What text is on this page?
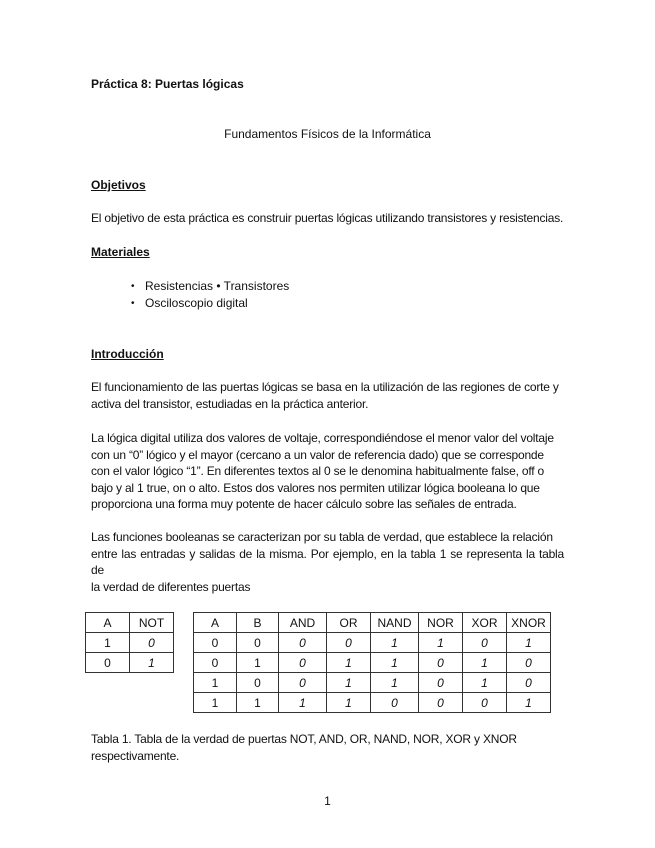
Práctica 8: Puertas lógicas
Fundamentos Físicos de la Informática
Objetivos
El objetivo de esta práctica es construir puertas lógicas utilizando transistores y resistencias.
Materiales
• Resistencias • Transistores
• Osciloscopio digital
Introducción
El funcionamiento de las puertas lógicas se basa en la utilización de las regiones de corte y
activa del transistor, estudiadas en la práctica anterior.
La lógica digital utiliza dos valores de voltaje, correspondiéndose el menor valor del voltaje
con un “0” lógico y el mayor (cercano a un valor de referencia dado) que se corresponde
con el valor lógico “1”. En diferentes textos al 0 se le denomina habitualmente false, off o
bajo y al 1 true, on o alto. Estos dos valores nos permiten utilizar lógica booleana lo que
proporciona una forma muy potente de hacer cálculo sobre las señales de entrada.
Las funciones booleanas se caracterizan por su tabla de verdad, que establece la relación
entre las entradas y salidas de la misma. Por ejemplo, en la tabla 1 se representa la tabla de
la verdad de diferentes puertas
A	NOT
1	0
0	1
A	B	AND	OR	NAND	NOR	XOR	XNOR
0	0	0	0	1	1	0	1
0	1	0	1	1	0	1	0
1	0	0	1	1	0	1	0
1	1	1	1	0	0	0	1
Tabla 1. Tabla de la verdad de puertas NOT, AND, OR, NAND, NOR, XOR y XNOR
respectivamente.
1
